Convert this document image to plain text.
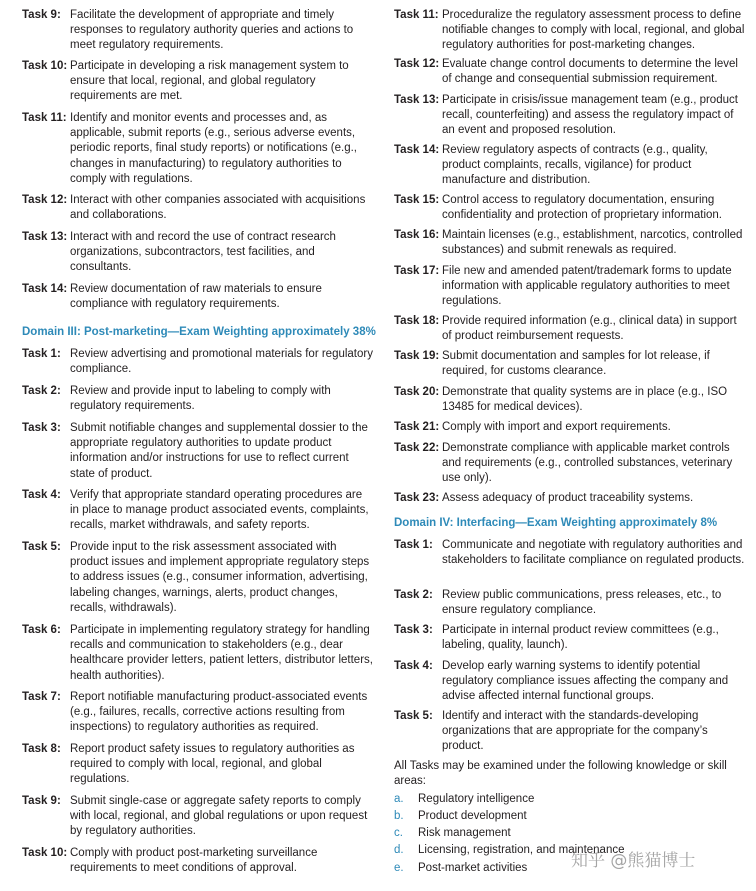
Task 9: Facilitate the development of appropriate and timely responses to regulatory authority queries and actions to meet regulatory requirements.
Task 10: Participate in developing a risk management system to ensure that local, regional, and global regulatory requirements are met.
Task 11: Identify and monitor events and processes and, as applicable, submit reports (e.g., serious adverse events, periodic reports, final study reports) or notifications (e.g., changes in manufacturing) to regulatory authorities to comply with regulations.
Task 12: Interact with other companies associated with acquisitions and collaborations.
Task 13: Interact with and record the use of contract research organizations, subcontractors, test facilities, and consultants.
Task 14: Review documentation of raw materials to ensure compliance with regulatory requirements.
Domain III: Post-marketing—Exam Weighting approximately 38%
Task 1: Review advertising and promotional materials for regulatory compliance.
Task 2: Review and provide input to labeling to comply with regulatory requirements.
Task 3: Submit notifiable changes and supplemental dossier to the appropriate regulatory authorities to update product information and/or instructions for use to reflect current state of product.
Task 4: Verify that appropriate standard operating procedures are in place to manage product associated events, complaints, recalls, market withdrawals, and safety reports.
Task 5: Provide input to the risk assessment associated with product issues and implement appropriate regulatory steps to address issues (e.g., consumer information, advertising, labeling changes, warnings, alerts, product changes, recalls, withdrawals).
Task 6: Participate in implementing regulatory strategy for handling recalls and communication to stakeholders (e.g., dear healthcare provider letters, patient letters, distributor letters, health authorities).
Task 7: Report notifiable manufacturing product-associated events (e.g., failures, recalls, corrective actions resulting from inspections) to regulatory authorities as required.
Task 8: Report product safety issues to regulatory authorities as required to comply with local, regional, and global regulations.
Task 9: Submit single-case or aggregate safety reports to comply with local, regional, and global regulations or upon request by regulatory authorities.
Task 10: Comply with product post-marketing surveillance requirements to meet conditions of approval.
Task 11: Proceduralize the regulatory assessment process to define notifiable changes to comply with local, regional, and global regulatory authorities for post-marketing changes.
Task 12: Evaluate change control documents to determine the level of change and consequential submission requirement.
Task 13: Participate in crisis/issue management team (e.g., product recall, counterfeiting) and assess the regulatory impact of an event and proposed resolution.
Task 14: Review regulatory aspects of contracts (e.g., quality, product complaints, recalls, vigilance) for product manufacture and distribution.
Task 15: Control access to regulatory documentation, ensuring confidentiality and protection of proprietary information.
Task 16: Maintain licenses (e.g., establishment, narcotics, controlled substances) and submit renewals as required.
Task 17: File new and amended patent/trademark forms to update information with applicable regulatory authorities to meet regulations.
Task 18: Provide required information (e.g., clinical data) in support of product reimbursement requests.
Task 19: Submit documentation and samples for lot release, if required, for customs clearance.
Task 20: Demonstrate that quality systems are in place (e.g., ISO 13485 for medical devices).
Task 21: Comply with import and export requirements.
Task 22: Demonstrate compliance with applicable market controls and requirements (e.g., controlled substances, veterinary use only).
Task 23: Assess adequacy of product traceability systems.
Domain IV: Interfacing—Exam Weighting approximately 8%
Task 1: Communicate and negotiate with regulatory authorities and stakeholders to facilitate compliance on regulated products.
Task 2: Review public communications, press releases, etc., to ensure regulatory compliance.
Task 3: Participate in internal product review committees (e.g., labeling, quality, launch).
Task 4: Develop early warning systems to identify potential regulatory compliance issues affecting the company and advise affected internal functional groups.
Task 5: Identify and interact with the standards-developing organizations that are appropriate for the company’s product.
All Tasks may be examined under the following knowledge or skill areas:
a.	Regulatory intelligence
b.	Product development
c.	Risk management
d.	Licensing, registration, and maintenance
e.	Post-market activities	知乎 @熊猫博士
